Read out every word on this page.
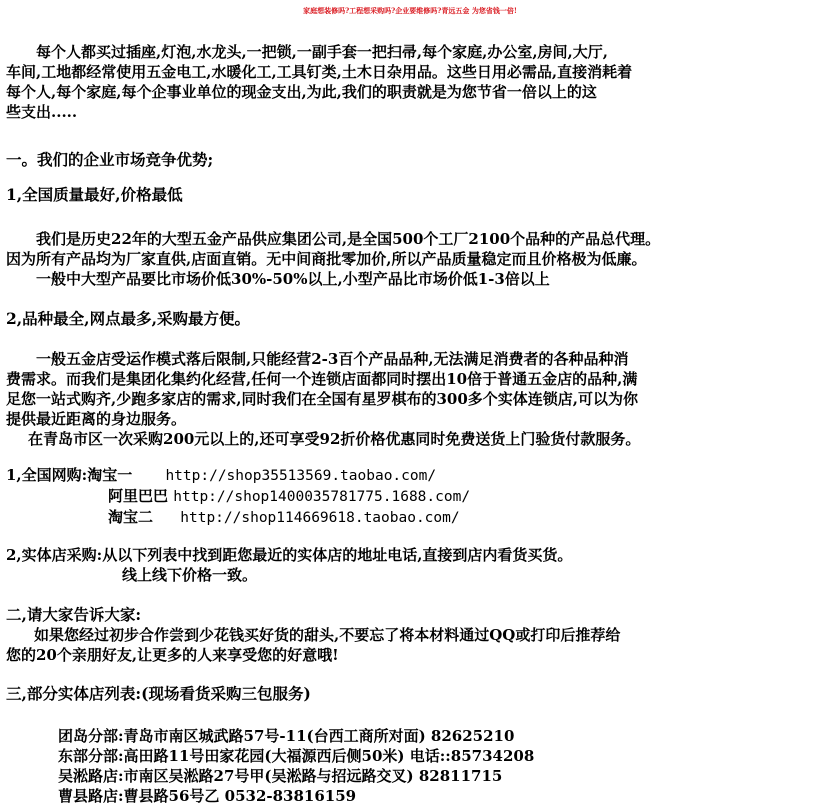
家庭想装修吗?工程想采购吗?企业要维修吗?青远五金 为您省钱一倍!
每个人都买过插座,灯泡,水龙头,一把锁,一副手套一把扫帚,每个家庭,办公室,房间,大厅,
车间,工地都经常使用五金电工,水暖化工,工具钉类,土木日杂用品。这些日用必需品,直接消耗着
每个人,每个家庭,每个企事业单位的现金支出,为此,我们的职责就是为您节省一倍以上的这
些支出.....
一。我们的企业市场竞争优势;
1,全国质量最好,价格最低
我们是历史22年的大型五金产品供应集团公司,是全国500个工厂2100个品种的产品总代理。
因为所有产品均为厂家直供,店面直销。无中间商批零加价,所以产品质量稳定而且价格极为低廉。
一般中大型产品要比市场价低30%-50%以上,小型产品比市场价低1-3倍以上
2,品种最全,网点最多,采购最方便。
一般五金店受运作模式落后限制,只能经营2-3百个产品品种,无法满足消费者的各种品种消
费需求。而我们是集团化集约化经营,任何一个连锁店面都同时摆出10倍于普通五金店的品种,满
足您一站式购齐,少跑多家店的需求,同时我们在全国有星罗棋布的300多个实体连锁店,可以为你
提供最近距离的身边服务。
在青岛市区一次采购200元以上的,还可享受92折价格优惠同时免费送货上门验货付款服务。
1,全国网购:淘宝一 http://shop35513569.taobao.com/
阿里巴巴 http://shop1400035781775.1688.com/
淘宝二 http://shop114669618.taobao.com/
2,实体店采购:从以下列表中找到距您最近的实体店的地址电话,直接到店内看货买货。
线上线下价格一致。
二,请大家告诉大家:
如果您经过初步合作尝到少花钱买好货的甜头,不要忘了将本材料通过QQ或打印后推荐给
您的20个亲朋好友,让更多的人来享受您的好意哦!
三,部分实体店列表:(现场看货采购三包服务)
团岛分部:青岛市南区城武路57号-11(台西工商所对面) 82625210
东部分部:高田路11号田家花园(大福源西后侧50米) 电话::85734208
吴淞路店:市南区吴淞路27号甲(吴淞路与招远路交叉) 82811715
曹县路店:曹县路56号乙 0532-83816159
